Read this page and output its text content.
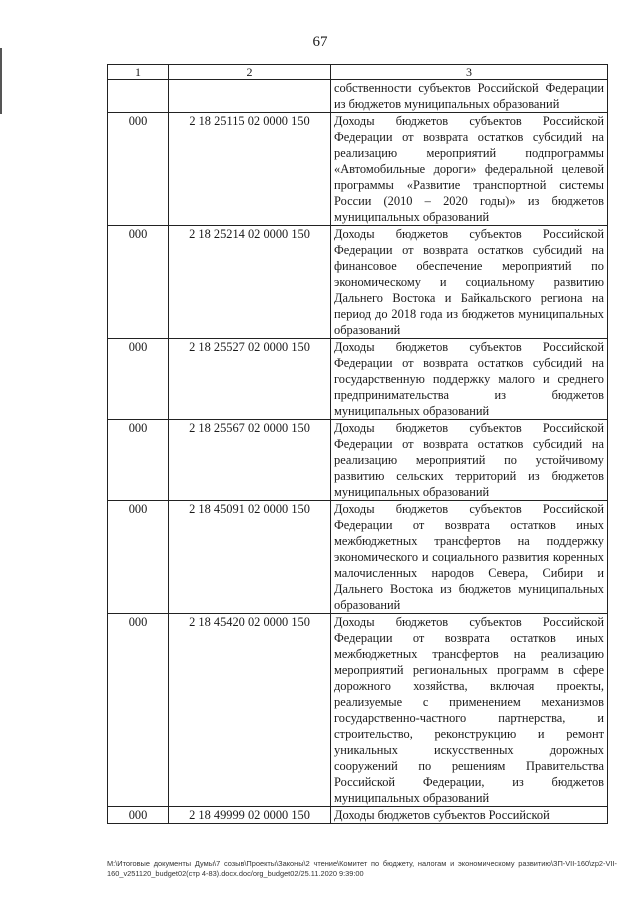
67
1	2	3
		собственности субъектов Российской Федерации из бюджетов муниципальных образований
000	2 18 25115 02 0000 150	Доходы бюджетов субъектов Российской Федерации от возврата остатков субсидий на реализацию мероприятий подпрограммы «Автомобильные дороги» федеральной целевой программы «Развитие транспортной системы России (2010 – 2020 годы)» из бюджетов муниципальных образований
000	2 18 25214 02 0000 150	Доходы бюджетов субъектов Российской Федерации от возврата остатков субсидий на финансовое обеспечение мероприятий по экономическому и социальному развитию Дальнего Востока и Байкальского региона на период до 2018 года из бюджетов муниципальных образований
000	2 18 25527 02 0000 150	Доходы бюджетов субъектов Российской Федерации от возврата остатков субсидий на государственную поддержку малого и среднего предпринимательства из бюджетов муниципальных образований
000	2 18 25567 02 0000 150	Доходы бюджетов субъектов Российской Федерации от возврата остатков субсидий на реализацию мероприятий по устойчивому развитию сельских территорий из бюджетов муниципальных образований
000	2 18 45091 02 0000 150	Доходы бюджетов субъектов Российской Федерации от возврата остатков иных межбюджетных трансфертов на поддержку экономического и социального развития коренных малочисленных народов Севера, Сибири и Дальнего Востока из бюджетов муниципальных образований
000	2 18 45420 02 0000 150	Доходы бюджетов субъектов Российской Федерации от возврата остатков иных межбюджетных трансфертов на реализацию мероприятий региональных программ в сфере дорожного хозяйства, включая проекты, реализуемые с применением механизмов государственно-частного партнерства, и строительство, реконструкцию и ремонт уникальных искусственных дорожных сооружений по решениям Правительства Российской Федерации, из бюджетов муниципальных образований
000	2 18 49999 02 0000 150	Доходы бюджетов субъектов Российской
М:\Итоговые документы Думы\7 созыв\Проекты\Законы\2 чтение\Комитет по бюджету, налогам и экономическому развитию\ЗП-VII-160\zp2-VII-160_v251120_budget02(стр 4-83).docx.doc/org_budget02/25.11.2020 9:39:00
